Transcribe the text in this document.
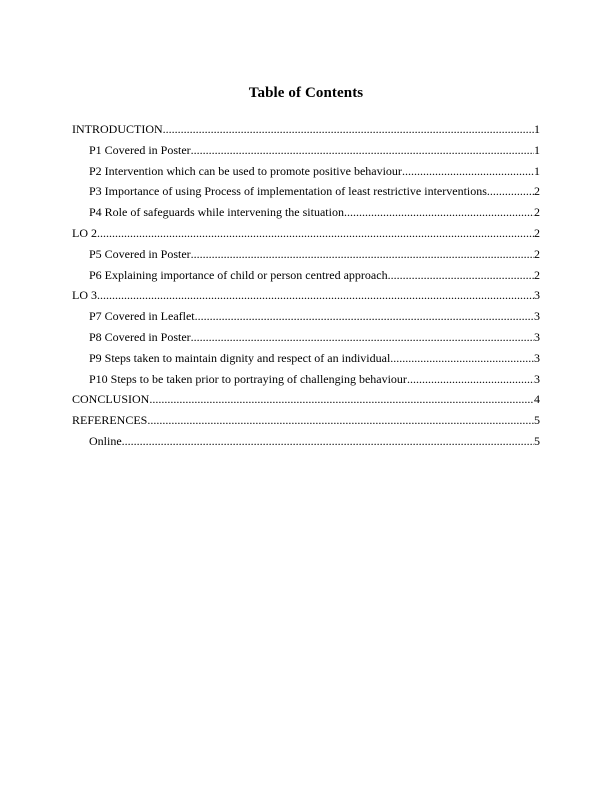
Table of Contents
INTRODUCTION .....	1
P1 Covered in Poster .....	1
P2 Intervention which can be used to promote positive behaviour .....	1
P3 Importance of using Process of implementation of least restrictive interventions .....	2
P4 Role of safeguards while intervening the situation .....	2
LO 2 .....	2
P5 Covered in Poster .....	2
P6 Explaining importance of child or person centred approach .....	2
LO 3 .....	3
P7 Covered in Leaflet .....	3
P8 Covered in Poster .....	3
P9 Steps taken to maintain dignity and respect of an individual .....	3
P10 Steps to be taken prior to portraying of challenging behaviour .....	3
CONCLUSION .....	4
REFERENCES .....	5
Online .....	5
